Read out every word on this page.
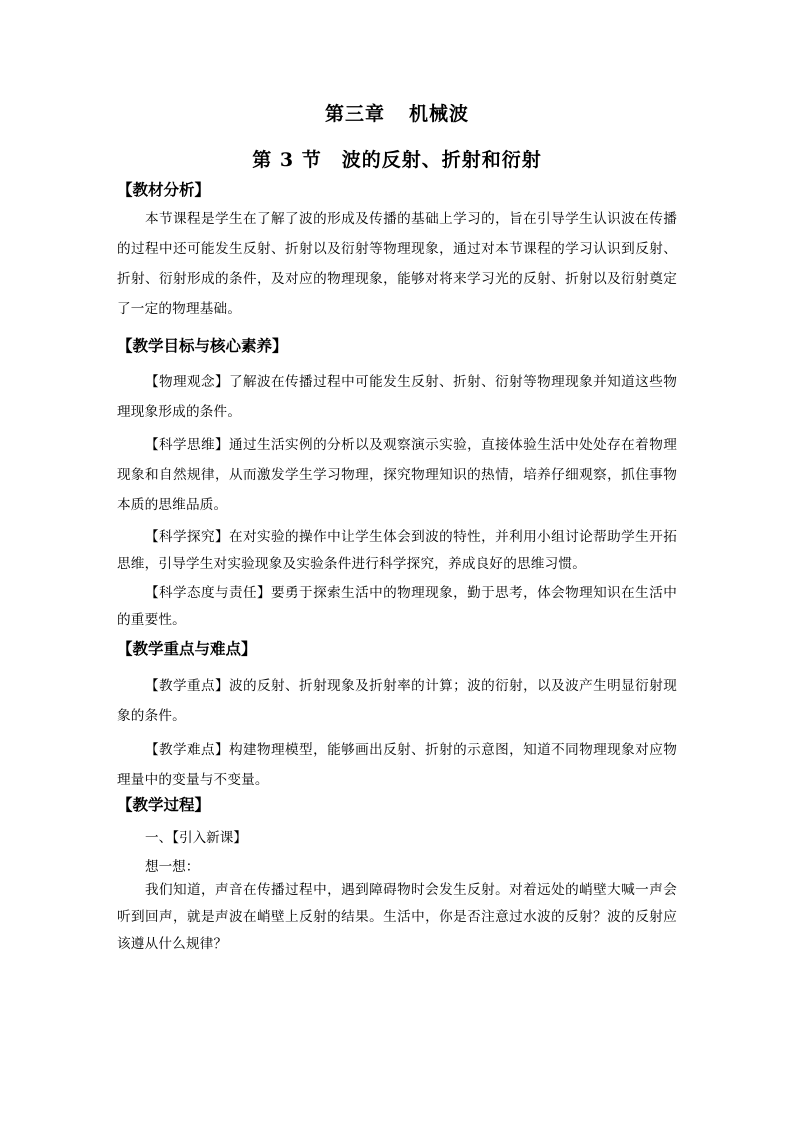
第三章 机械波
第 3 节 波的反射、折射和衍射
【教材分析】
本节课程是学生在了解了波的形成及传播的基础上学习的，旨在引导学生认识波在传播的过程中还可能发生反射、折射以及衍射等物理现象，通过对本节课程的学习认识到反射、折射、衍射形成的条件，及对应的物理现象，能够对将来学习光的反射、折射以及衍射奠定了一定的物理基础。
【教学目标与核心素养】
【物理观念】了解波在传播过程中可能发生反射、折射、衍射等物理现象并知道这些物理现象形成的条件。
【科学思维】通过生活实例的分析以及观察演示实验，直接体验生活中处处存在着物理现象和自然规律，从而激发学生学习物理，探究物理知识的热情，培养仔细观察，抓住事物本质的思维品质。
【科学探究】在对实验的操作中让学生体会到波的特性，并利用小组讨论帮助学生开拓思维，引导学生对实验现象及实验条件进行科学探究，养成良好的思维习惯。
【科学态度与责任】要勇于探索生活中的物理现象，勤于思考，体会物理知识在生活中的重要性。
【教学重点与难点】
【教学重点】波的反射、折射现象及折射率的计算；波的衍射，以及波产生明显衍射现象的条件。
【教学难点】构建物理模型，能够画出反射、折射的示意图，知道不同物理现象对应物理量中的变量与不变量。
【教学过程】
一、【引入新课】
想一想：
我们知道，声音在传播过程中，遇到障碍物时会发生反射。对着远处的峭壁大喊一声会听到回声，就是声波在峭壁上反射的结果。生活中，你是否注意过水波的反射？波的反射应该遵从什么规律？
